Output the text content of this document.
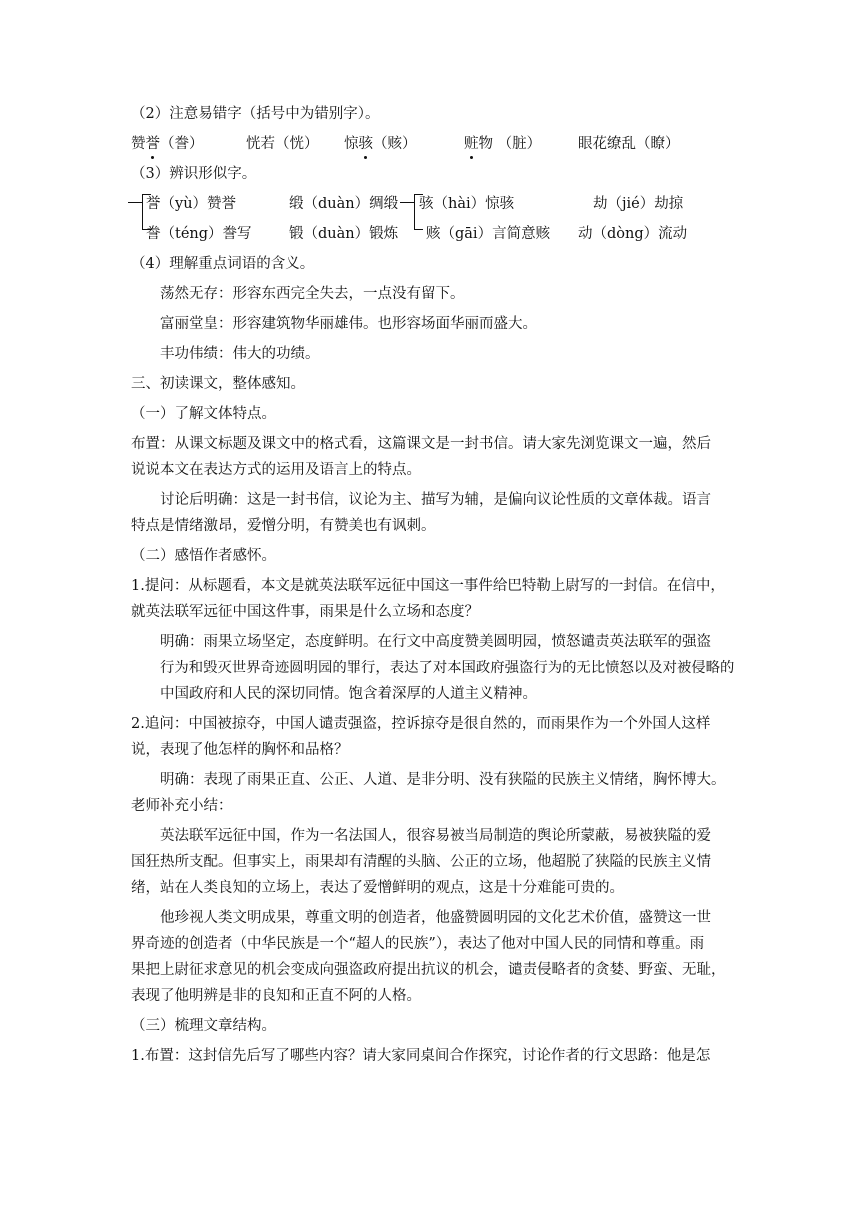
（2）注意易错字（括号中为错别字）。
赞誉（誊）	恍若（恍） 惊骇（赅）	赃物 （脏）	眼花缭乱（瞭）
（3）辨识形似字。
誉（yù）赞誉	缎（duàn）绸缎 骇（hài）惊骇	劫（jié）劫掠
誊（téng）誊写	锻（duàn）锻炼 赅（gāi）言简意赅 动（dòng）流动
（4）理解重点词语的含义。
荡然无存：形容东西完全失去，一点没有留下。
富丽堂皇：形容建筑物华丽雄伟。也形容场面华丽而盛大。
丰功伟绩：伟大的功绩。
三、初读课文，整体感知。
（一）了解文体特点。
布置：从课文标题及课文中的格式看，这篇课文是一封书信。请大家先浏览课文一遍，然后
说说本文在表达方式的运用及语言上的特点。
讨论后明确：这是一封书信，议论为主、描写为辅，是偏向议论性质的文章体裁。语言
特点是情绪激昂，爱憎分明，有赞美也有讽刺。
（二）感悟作者感怀。
1.提问：从标题看，本文是就英法联军远征中国这一事件给巴特勒上尉写的一封信。在信中，
就英法联军远征中国这件事，雨果是什么立场和态度？
明确：雨果立场坚定，态度鲜明。在行文中高度赞美圆明园，愤怒谴责英法联军的强盗
行为和毁灭世界奇迹圆明园的罪行，表达了对本国政府强盗行为的无比愤怒以及对被侵略的
中国政府和人民的深切同情。饱含着深厚的人道主义精神。
2.追问：中国被掠夺，中国人谴责强盗，控诉掠夺是很自然的，而雨果作为一个外国人这样
说，表现了他怎样的胸怀和品格？
明确：表现了雨果正直、公正、人道、是非分明、没有狭隘的民族主义情绪，胸怀博大。
老师补充小结：
英法联军远征中国，作为一名法国人，很容易被当局制造的舆论所蒙蔽，易被狭隘的爱
国狂热所支配。但事实上，雨果却有清醒的头脑、公正的立场，他超脱了狭隘的民族主义情
绪，站在人类良知的立场上，表达了爱憎鲜明的观点，这是十分难能可贵的。
他珍视人类文明成果，尊重文明的创造者，他盛赞圆明园的文化艺术价值，盛赞这一世
界奇迹的创造者（中华民族是一个“超人的民族”），表达了他对中国人民的同情和尊重。雨
果把上尉征求意见的机会变成向强盗政府提出抗议的机会，谴责侵略者的贪婪、野蛮、无耻，
表现了他明辨是非的良知和正直不阿的人格。
（三）梳理文章结构。
1.布置：这封信先后写了哪些内容？请大家同桌间合作探究，讨论作者的行文思路：他是怎
